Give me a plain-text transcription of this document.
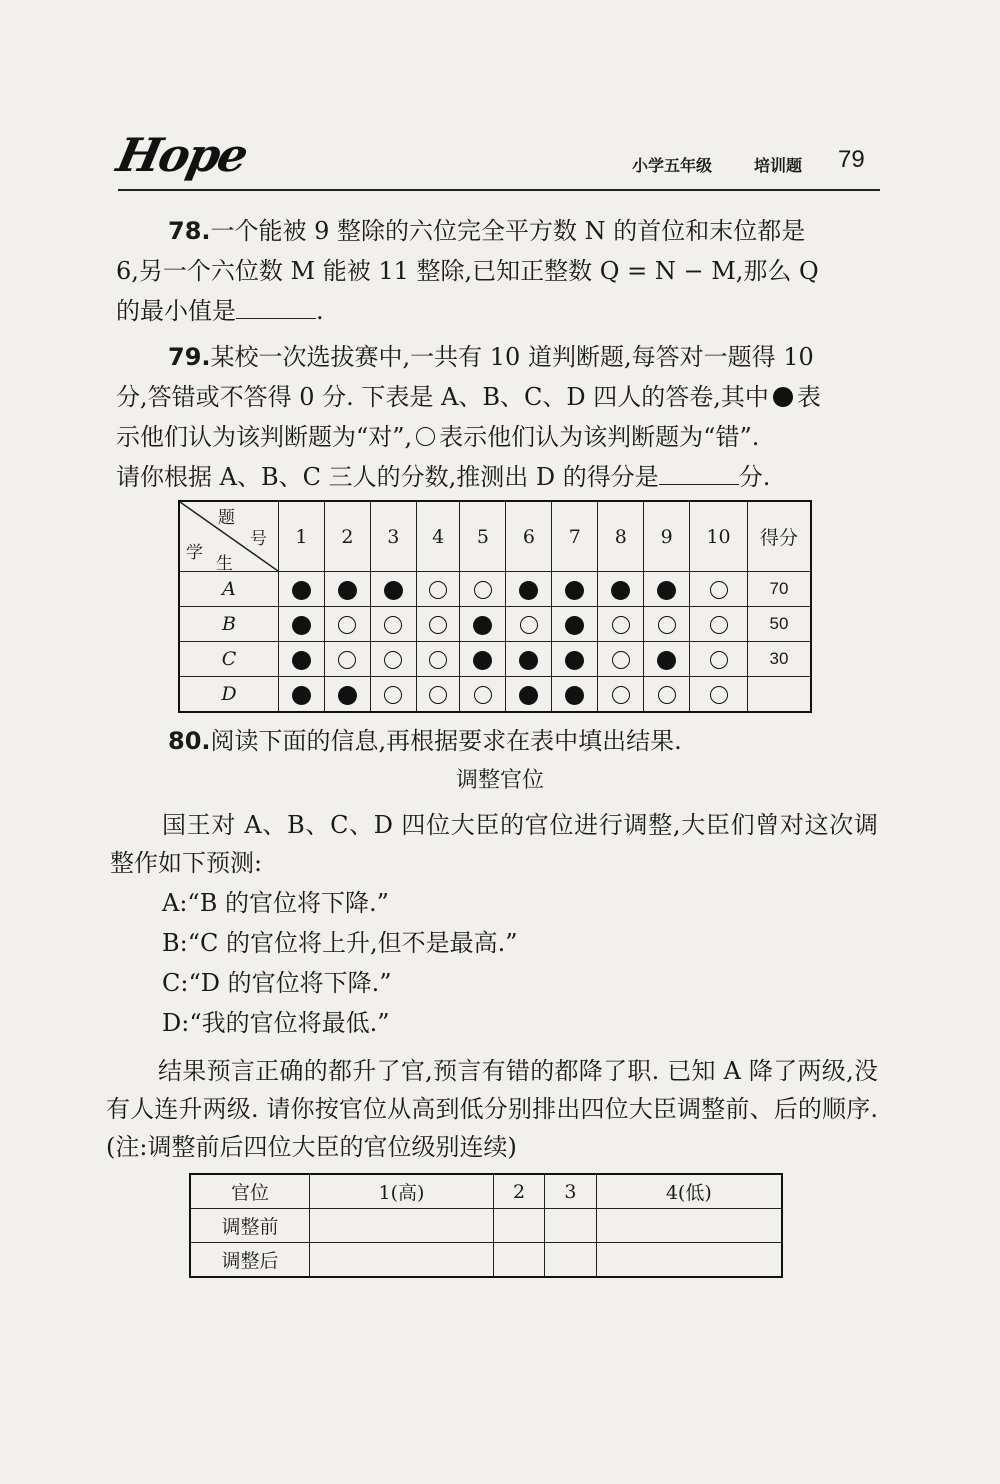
Hope	小学五年级	培训题 79
78.一个能被 9 整除的六位完全平方数 N 的首位和末位都是
6,另一个六位数 M 能被 11 整除,已知正整数 Q = N − M,那么 Q
的最小值是	.
79.某校一次选拔赛中,一共有 10 道判断题,每答对一题得 10
分,答错或不答得 0 分. 下表是 A、B、C、D 四人的答卷,其中 表
示他们认为该判断题为“对”, 表示他们认为该判断题为“错”.
请你根据 A、B、C 三人的分数,推测出 D 的得分是	分.
题
号
学
生	1	2	3	4	5	6	7	8	9	10	得分
A											70
B											50
C											30
D											
80.阅读下面的信息,再根据要求在表中填出结果.
调整官位
国王对 A、B、C、D 四位大臣的官位进行调整,大臣们曾对这次调整作如下预测:
A:“B 的官位将下降.”
B:“C 的官位将上升,但不是最高.”
C:“D 的官位将下降.”
D:“我的官位将最低.”
结果预言正确的都升了官,预言有错的都降了职. 已知 A 降了两级,没有人连升两级. 请你按官位从高到低分别排出四位大臣调整前、后的顺序.(注:调整前后四位大臣的官位级别连续)
官位	1(高)	2	3	4(低)
调整前				
调整后				
